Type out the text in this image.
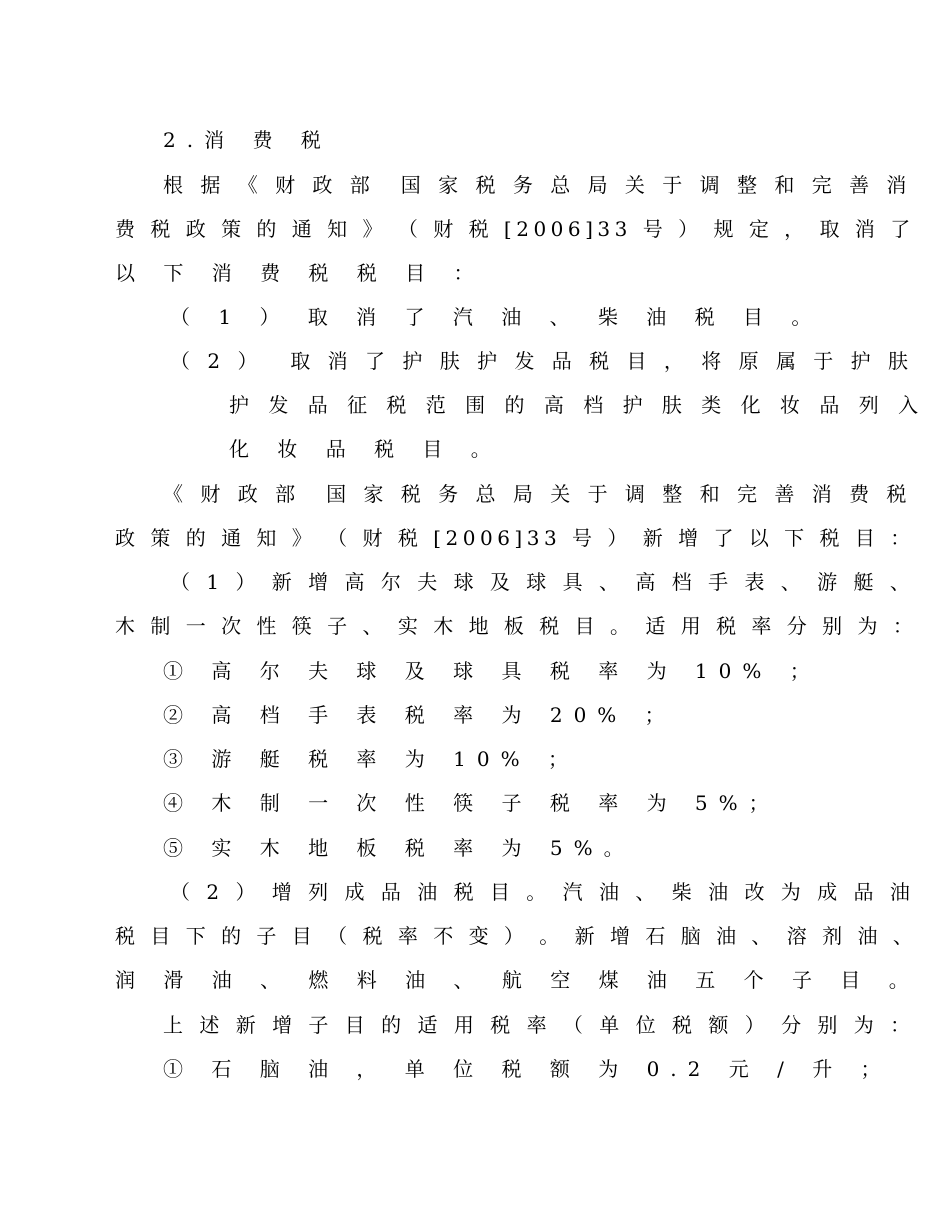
2.消 费 税
根 据 《 财 政 部　国 家 税 务 总 局 关 于 调 整 和 完 善 消
费 税 政 策 的 通 知 》 （ 财 税 [2006]33 号 ） 规 定 ， 取 消 了
以 下 消 费 税 税 目 ：
（ 1 ） 取 消 了 汽 油 、 柴 油 税 目 。
（ 2 ）　 取 消 了 护 肤 护 发 品 税 目 ， 将 原 属 于 护 肤
护 发 品 征 税 范 围 的 高 档 护 肤 类 化 妆 品 列 入
化 妆 品 税 目 。
《 财 政 部　国 家 税 务 总 局 关 于 调 整 和 完 善 消 费 税
政 策 的 通 知 》 （ 财 税 [2006]33 号 ） 新 增 了 以 下 税 目 ：
（ 1 ） 新 增 高 尔 夫 球 及 球 具 、 高 档 手 表 、 游 艇 、
木 制 一 次 性 筷 子 、 实 木 地 板 税 目 。 适 用 税 率 分 别 为 ：
① 高 尔 夫 球 及 球 具 税 率 为 10% ；
② 高 档 手 表 税 率 为 20% ；
③ 游 艇 税 率 为 10% ；
④ 木 制 一 次 性 筷 子 税 率 为 5%；
⑤ 实 木 地 板 税 率 为 5%。
（ 2 ） 增 列 成 品 油 税 目 。 汽 油 、 柴 油 改 为 成 品 油
税 目 下 的 子 目 （ 税 率 不 变 ） 。 新 增 石 脑 油 、 溶 剂 油 、
润 滑 油 、 燃 料 油 、 航 空 煤 油 五 个 子 目 。
上 述 新 增 子 目 的 适 用 税 率 （ 单 位 税 额 ） 分 别 为 ：
① 石 脑 油 ， 单 位 税 额 为 0.2 元 / 升 ；
